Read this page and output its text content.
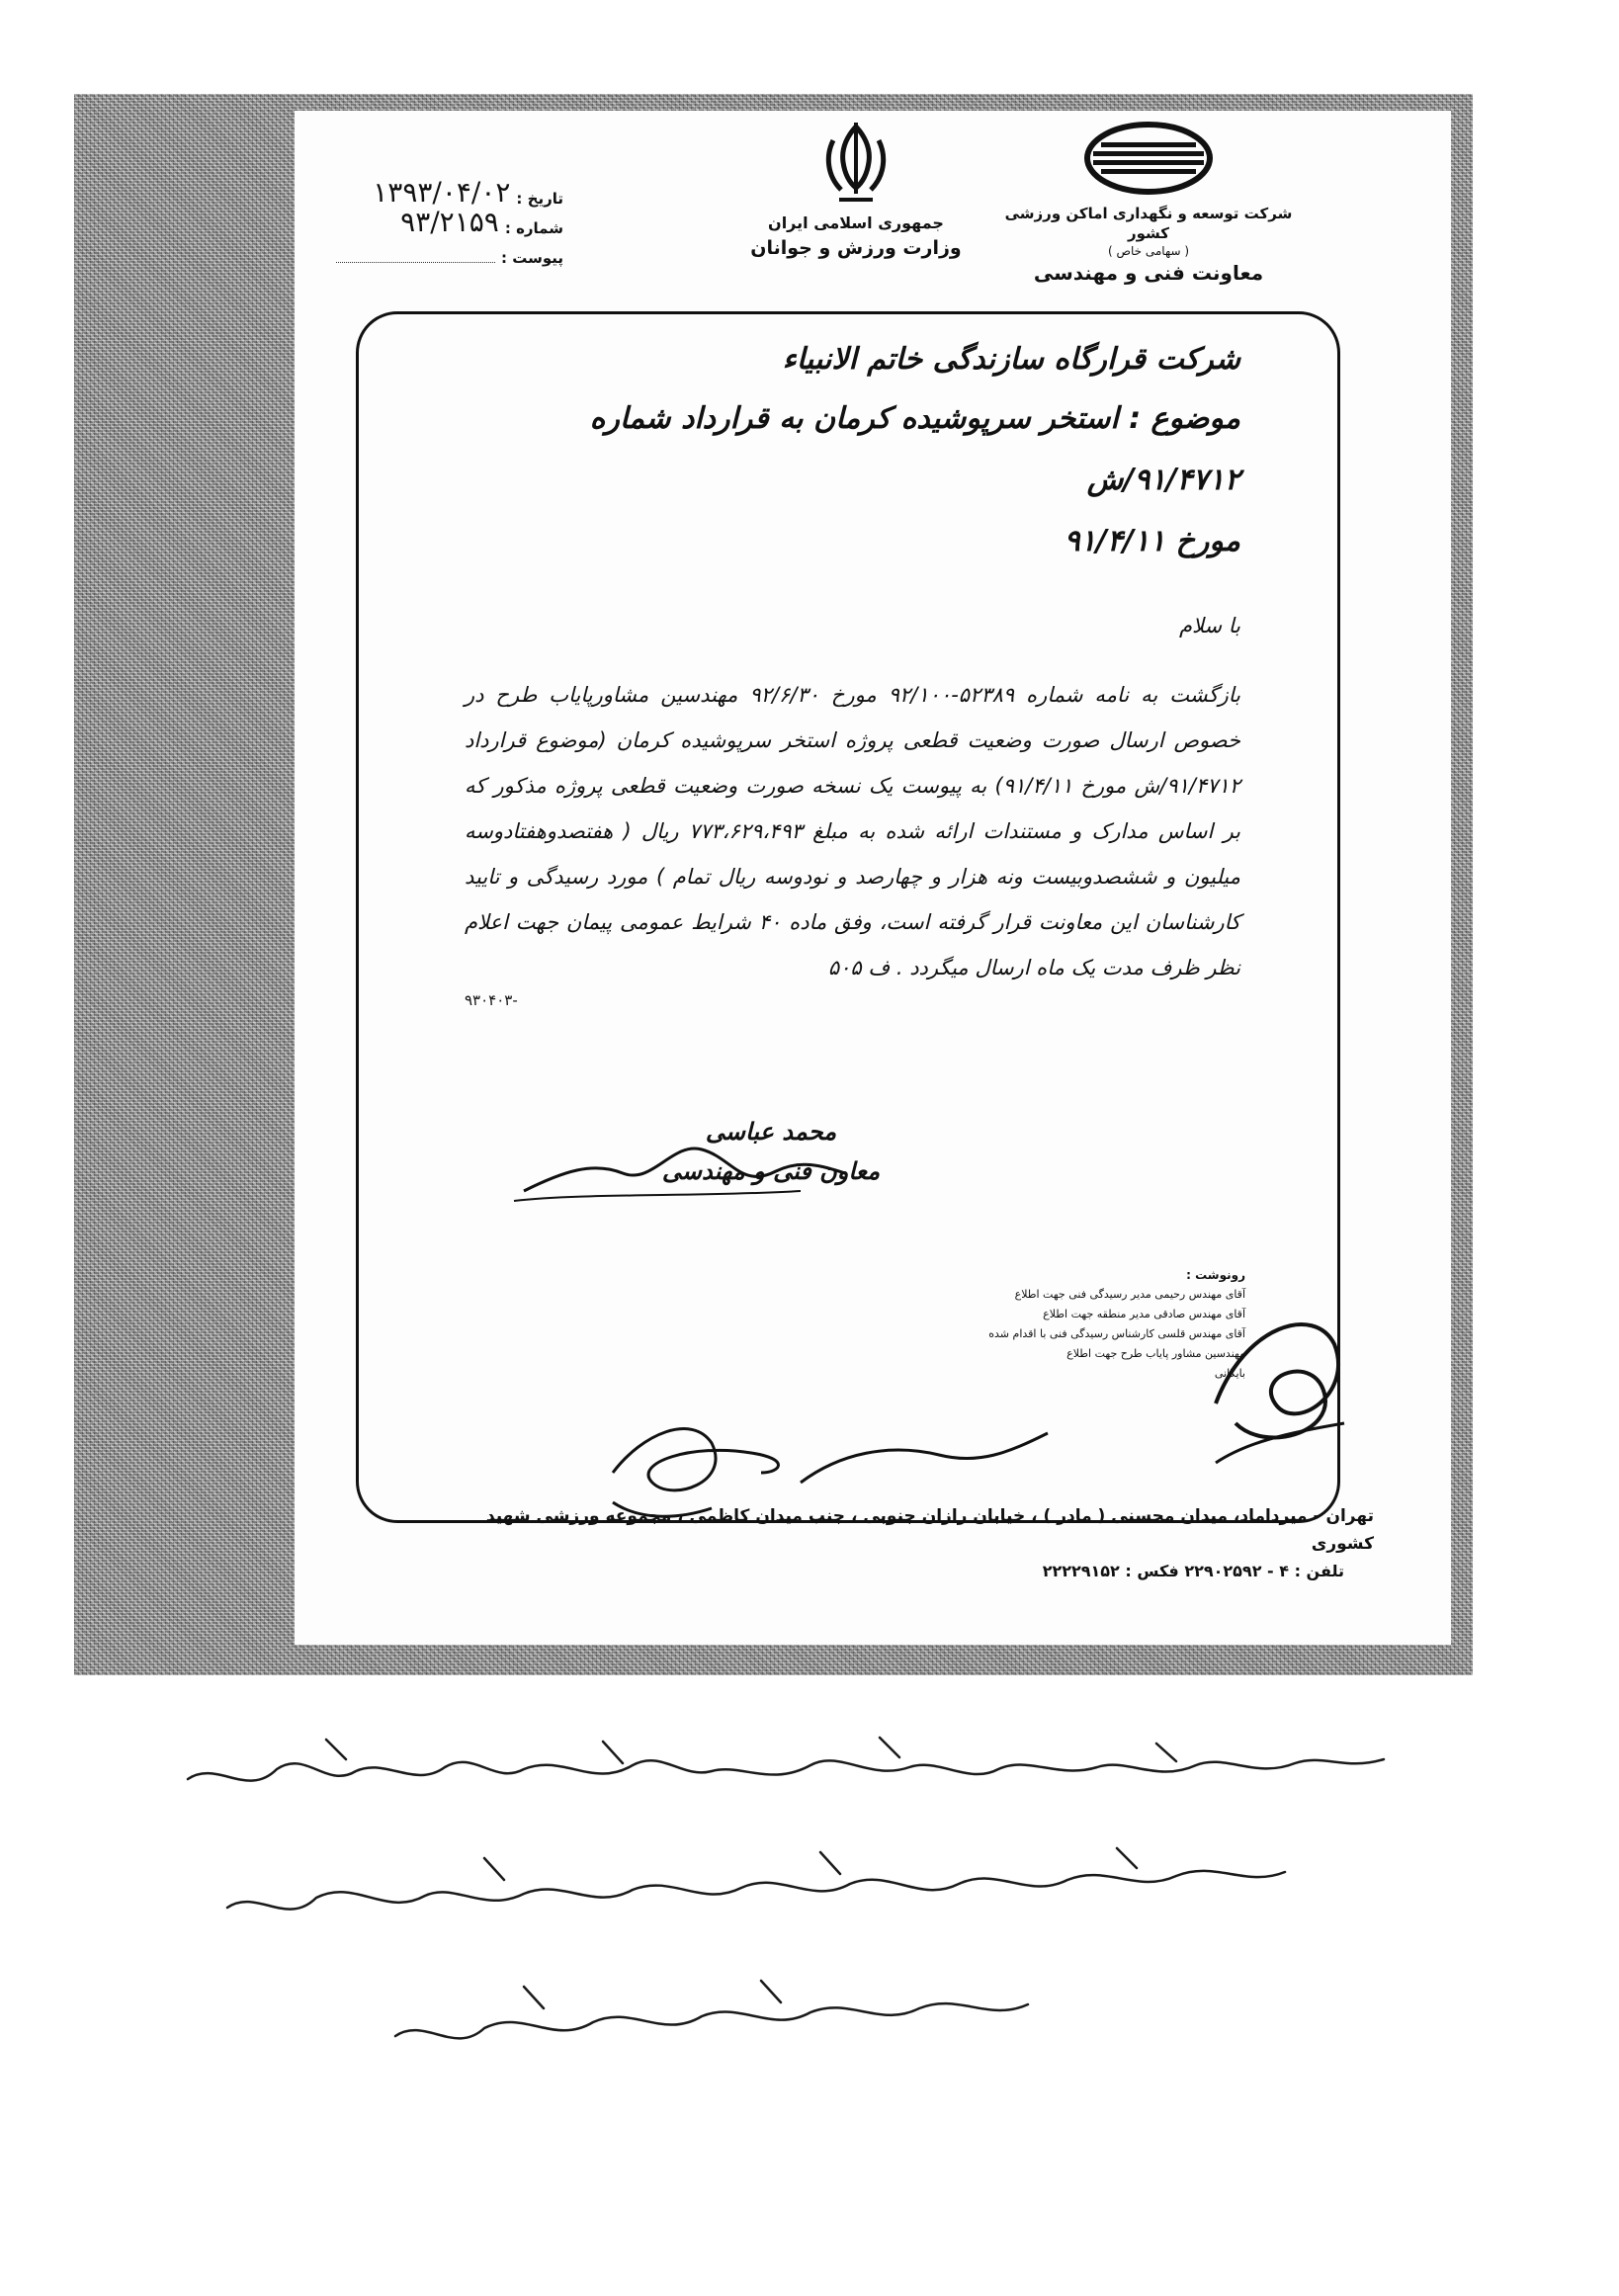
شرکت توسعه و نگهداری اماکن ورزشی کشور
( سهامی خاص )
معاونت فنی و مهندسی
جمهوری اسلامی ایران
وزارت ورزش و جوانان
تاریخ :
۱۳۹۳/۰۴/۰۲
شماره :
۹۳/۲۱۵۹
پیوست :

شرکت قرارگاه سازندگی خاتم الانبیاء

موضوع : استخر سرپوشیده کرمان به قرارداد شماره ۹۱/۴۷۱۲/ش

مورخ ۹۱/۴/۱۱

با سلام

بازگشت به نامه شماره ۵۲۳۸۹-۹۲/۱۰۰ مورخ ۹۲/۶/۳۰ مهندسین مشاورپایاب طرح در خصوص ارسال صورت وضعیت قطعی پروژه استخر سرپوشیده کرمان (موضوع قرارداد ۹۱/۴۷۱۲/ش مورخ ۹۱/۴/۱۱) به پیوست یک نسخه صورت وضعیت قطعی پروژه مذکور که بر اساس مدارک و مستندات ارائه شده به مبلغ ۷۷۳،۶۲۹،۴۹۳ ریال ( هفتصدوهفتادوسه میلیون و ششصدوبیست ونه هزار و چهارصد و نودوسه ریال تمام ) مورد رسیدگی و تایید کارشناسان این معاونت قرار گرفته است، وفق ماده ۴۰ شرایط عمومی پیمان جهت اعلام نظر ظرف مدت یک ماه ارسال میگردد . ف ۵۰۵

۹۳۰۴۰۳-
محمد عباسی
معاون فنی و مهندسی
رونوشت :
آقای مهندس رحیمی مدیر رسیدگی فنی جهت اطلاع
آقای مهندس صادقی مدیر منطقه جهت اطلاع
آقای مهندس قلسی کارشناس رسیدگی فنی با اقدام شده
مهندسین مشاور پایاب طرح جهت اطلاع
بایگانی
تهران - میرداماد، میدان محسنی ( مادر ) ، خیابان رازان جنوبی ، جنب میدان کاظمی ، مجموعه ورزشی شهید کشوری
تلفن : ۴ - ۲۲۹۰۲۵۹۲ فکس : ۲۲۲۲۹۱۵۲
